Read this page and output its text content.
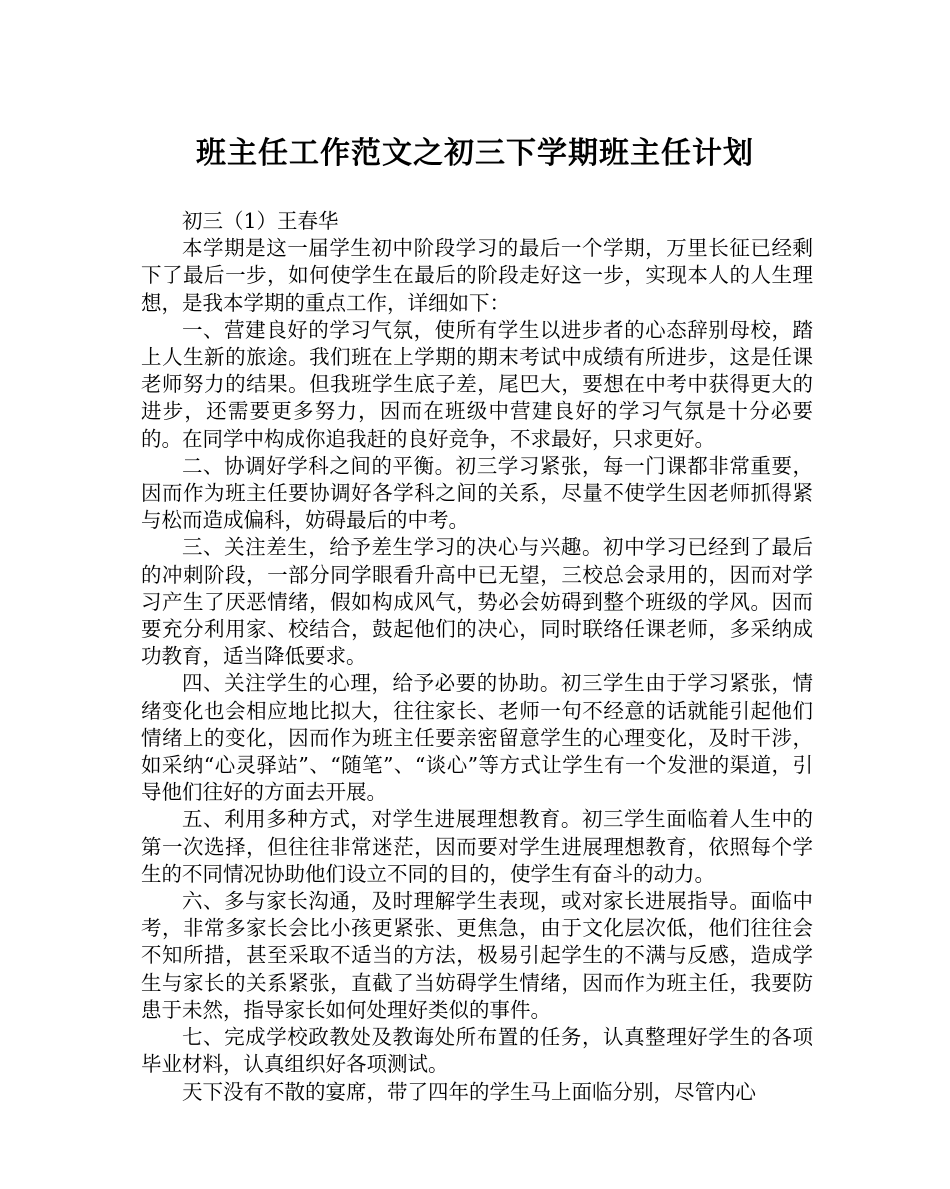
班主任工作范文之初三下学期班主任计划

初三（1）王春华

本学期是这一届学生初中阶段学习的最后一个学期，万里长征已经剩下了最后一步，如何使学生在最后的阶段走好这一步，实现本人的人生理想，是我本学期的重点工作，详细如下：

一、营建良好的学习气氛，使所有学生以进步者的心态辞别母校，踏上人生新的旅途。我们班在上学期的期末考试中成绩有所进步，这是任课老师努力的结果。但我班学生底子差，尾巴大，要想在中考中获得更大的进步，还需要更多努力，因而在班级中营建良好的学习气氛是十分必要的。在同学中构成你追我赶的良好竞争，不求最好，只求更好。

二、协调好学科之间的平衡。初三学习紧张，每一门课都非常重要，因而作为班主任要协调好各学科之间的关系，尽量不使学生因老师抓得紧与松而造成偏科，妨碍最后的中考。

三、关注差生，给予差生学习的决心与兴趣。初中学习已经到了最后的冲刺阶段，一部分同学眼看升高中已无望，三校总会录用的，因而对学习产生了厌恶情绪，假如构成风气，势必会妨碍到整个班级的学风。因而要充分利用家、校结合，鼓起他们的决心，同时联络任课老师，多采纳成功教育，适当降低要求。

四、关注学生的心理，给予必要的协助。初三学生由于学习紧张，情绪变化也会相应地比拟大，往往家长、老师一句不经意的话就能引起他们情绪上的变化，因而作为班主任要亲密留意学生的心理变化，及时干涉，如采纳“心灵驿站”、“随笔”、“谈心”等方式让学生有一个发泄的渠道，引导他们往好的方面去开展。

五、利用多种方式，对学生进展理想教育。初三学生面临着人生中的第一次选择，但往往非常迷茫，因而要对学生进展理想教育，依照每个学生的不同情况协助他们设立不同的目的，使学生有奋斗的动力。

六、多与家长沟通，及时理解学生表现，或对家长进展指导。面临中考，非常多家长会比小孩更紧张、更焦急，由于文化层次低，他们往往会不知所措，甚至采取不适当的方法，极易引起学生的不满与反感，造成学生与家长的关系紧张，直截了当妨碍学生情绪，因而作为班主任，我要防患于未然，指导家长如何处理好类似的事件。

七、完成学校政教处及教诲处所布置的任务，认真整理好学生的各项毕业材料，认真组织好各项测试。

天下没有不散的宴席，带了四年的学生马上面临分别，尽管内心
